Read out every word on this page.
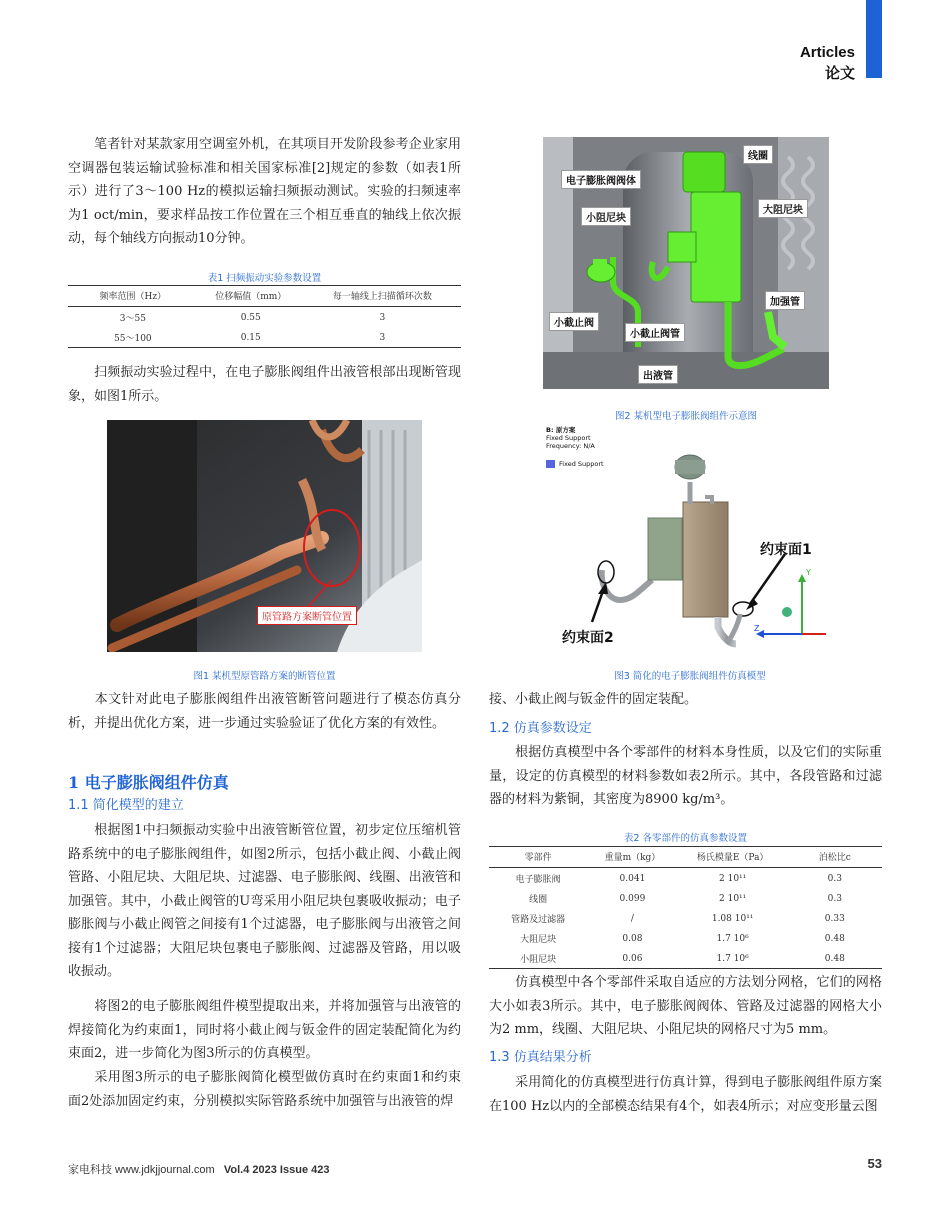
Articles
论文
笔者针对某款家用空调室外机，在其项目开发阶段参考企业家用空调器包装运输试验标准和相关国家标准[2]规定的参数（如表1所示）进行了3～100 Hz的模拟运输扫频振动测试。实验的扫频速率为1 oct/min，要求样品按工作位置在三个相互垂直的轴线上依次振动，每个轴线方向振动10分钟。
表1 扫频振动实验参数设置
频率范围（Hz）	位移幅值（mm）	每一轴线上扫描循环次数
3～55	0.55	3
55～100	0.15	3
扫频振动实验过程中，在电子膨胀阀组件出液管根部出现断管现象，如图1所示。
原管路方案断管位置
图1 某机型原管路方案的断管位置
本文针对此电子膨胀阀组件出液管断管问题进行了模态仿真分析，并提出优化方案，进一步通过实验验证了优化方案的有效性。
1 电子膨胀阀组件仿真
1.1 简化模型的建立
根据图1中扫频振动实验中出液管断管位置，初步定位压缩机管路系统中的电子膨胀阀组件，如图2所示，包括小截止阀、小截止阀管路、小阻尼块、大阻尼块、过滤器、电子膨胀阀、线圈、出液管和加强管。其中，小截止阀管的U弯采用小阻尼块包裹吸收振动；电子膨胀阀与小截止阀管之间接有1个过滤器，电子膨胀阀与出液管之间接有1个过滤器；大阻尼块包裹电子膨胀阀、过滤器及管路，用以吸收振动。
将图2的电子膨胀阀组件模型提取出来，并将加强管与出液管的焊接简化为约束面1，同时将小截止阀与钣金件的固定装配简化为约束面2，进一步简化为图3所示的仿真模型。
采用图3所示的电子膨胀阀简化模型做仿真时在约束面1和约束面2处添加固定约束，分别模拟实际管路系统中加强管与出液管的焊
线圈
电子膨胀阀阀体
小阻尼块
大阻尼块
加强管
小截止阀
小截止阀管
出液管
图2 某机型电子膨胀阀组件示意图
B: 原方案
Fixed Support
Frequency: N/A
Fixed Support
Y
Z
约束面1
约束面2
图3 简化的电子膨胀阀组件仿真模型
接、小截止阀与钣金件的固定装配。
1.2 仿真参数设定
根据仿真模型中各个零部件的材料本身性质，以及它们的实际重量，设定的仿真模型的材料参数如表2所示。其中，各段管路和过滤器的材料为紫铜，其密度为8900 kg/m³。
表2 各零部件的仿真参数设置
零部件	重量m（kg）	杨氏模量E（Pa）	泊松比c
电子膨胀阀	0.041	2 10¹¹	0.3
线圈	0.099	2 10¹¹	0.3
管路及过滤器	/	1.08 10¹¹	0.33
大阻尼块	0.08	1.7 10⁶	0.48
小阻尼块	0.06	1.7 10⁶	0.48
仿真模型中各个零部件采取自适应的方法划分网格，它们的网格大小如表3所示。其中，电子膨胀阀阀体、管路及过滤器的网格大小为2 mm，线圈、大阻尼块、小阻尼块的网格尺寸为5 mm。
1.3 仿真结果分析
采用简化的仿真模型进行仿真计算，得到电子膨胀阀组件原方案在100 Hz以内的全部模态结果有4个，如表4所示；对应变形量云图
家电科技 www.jdkjjournal.com Vol.4 2023 Issue 423	53
